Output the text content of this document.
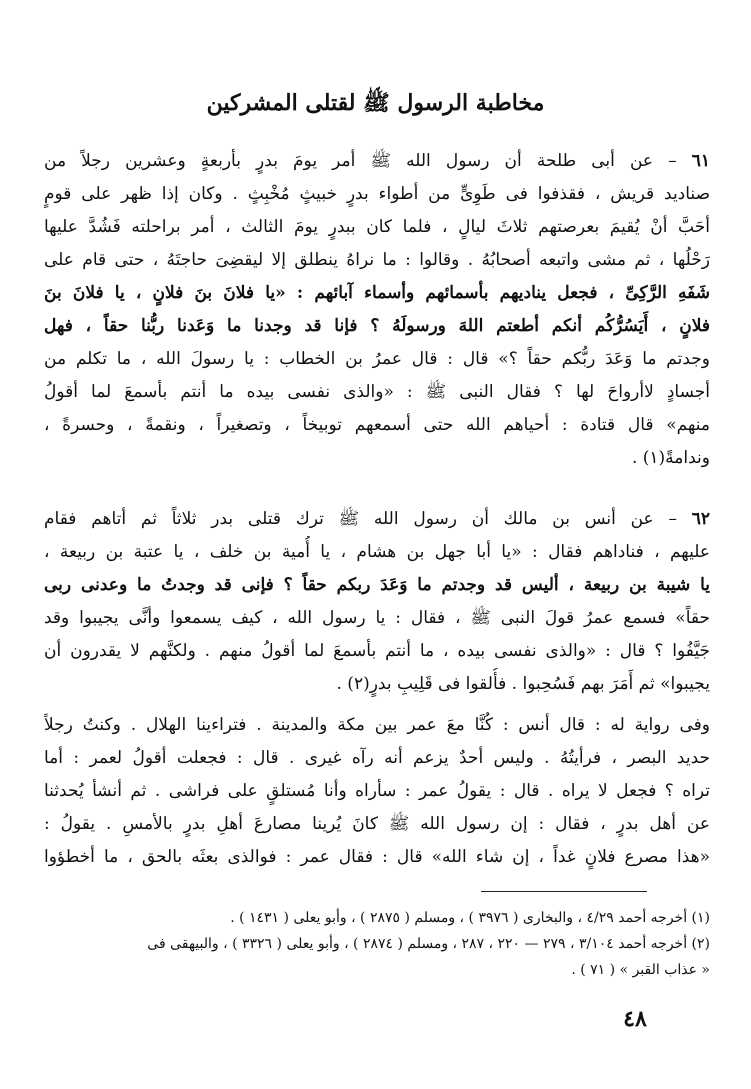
مخاطبة الرسول ﷺ لقتلى المشركين
٦١ – عن أبى طلحة أن رسول الله ﷺ أمر يومَ بدرٍ بأربعةٍ وعشرين رجلاً من
صناديد قريش ، فقذفوا فى طَوِىٍّ من أطواء بدرٍ خبيثٍ مُخْبِثٍ . وكان إذا ظهر على قومٍ
أحَبَّ أنْ يُقيمَ بعرصتهم ثلاثَ ليالٍ ، فلما كان ببدرٍ يومَ الثالث ، أمر براحلته فَشُدَّ عليها
رَحْلُها ، ثم مشى واتبعه أصحابُهُ . وقالوا : ما نراهُ ينطلق إلا ليقضِىَ حاجتَهُ ، حتى قام على
شَفَهِ الرَّكِىِّ ، فجعل يناديهم بأسمائهم وأسماء آبائهم : «يا فلانَ بنَ فلانٍ ، يا فلانَ بنَ
فلانٍ ، أَيَسُرُّكُم أنكم أطعتم اللهَ ورسولَهُ ؟ فإنا قد وجدنا ما وَعَدنا ربُّنا حقاً ، فهل
وجدتم ما وَعَدَ ربُّكم حقاً ؟» قال : قال عمرُ بن الخطاب : يا رسولَ الله ، ما تكلم من
أجسادٍ لاأرواحَ لها ؟ فقال النبى ﷺ : «والذى نفسى بيده ما أنتم بأسمعَ لما أقولُ
منهم» قال قتادة : أحياهم الله حتى أسمعهم توبيخاً ، وتصغيراً ، ونقمةً ، وحسرةً ،
وندامةً(١) .
٦٢ – عن أنس بن مالك أن رسول الله ﷺ ترك قتلى بدر ثلاثاً ثم أتاهم فقام
عليهم ، فناداهم فقال : «يا أبا جهل بن هشام ، يا أُمية بن خلف ، يا عتبة بن ربيعة ،
يا شيبة بن ربيعة ، أليس قد وجدتم ما وَعَدَ ربكم حقاً ؟ فإنى قد وجدتُ ما وعدنى ربى
حقاً» فسمع عمرُ قولَ النبى ﷺ ، فقال : يا رسول الله ، كيف يسمعوا وأنَّى يجيبوا وقد
جَيَّفُوا ؟ قال : «والذى نفسى بيده ، ما أنتم بأسمعَ لما أقولُ منهم . ولكنَّهم لا يقدرون أن
يجيبوا» ثم أَمَرَ بهم فَسُحِبوا . فأُلقوا فى قَلِيبِ بدرٍ(٢) .
وفى رواية له : قال أنس : كُنَّا معَ عمر بين مكة والمدينة . فتراءينا الهلال . وكنتُ رجلاً
حديد البصر ، فرأيتُهُ . وليس أحدٌ يزعم أنه رآه غيرى . قال : فجعلت أقولُ لعمر : أما
تراه ؟ فجعل لا يراه . قال : يقولُ عمر : سأراه وأنا مُستلقٍ على فراشى . ثم أنشأ يُحدثنا
عن أهل بدرٍ ، فقال : إن رسول الله ﷺ كانَ يُرينا مصارعَ أهلِ بدرٍ بالأمسِ . يقولُ :
«هذا مصرع فلانٍ غداً ، إن شاء الله» قال : فقال عمر : فوالذى بعثَه بالحق ، ما أخطؤوا
(١) أخرجه أحمد ٤/٢٩ ، والبخارى ( ٣٩٧٦ ) ، ومسلم ( ٢٨٧٥ ) ، وأبو يعلى ( ١٤٣١ ) .
(٢) أخرجه أحمد ٣/١٠٤ ، ٢٧٩ — ٢٢٠ ، ٢٨٧ ، ومسلم ( ٢٨٧٤ ) ، وأبو يعلى ( ٣٣٢٦ ) ، والبيهقى فى
« عذاب القبر » ( ٧١ ) .
٤٨
